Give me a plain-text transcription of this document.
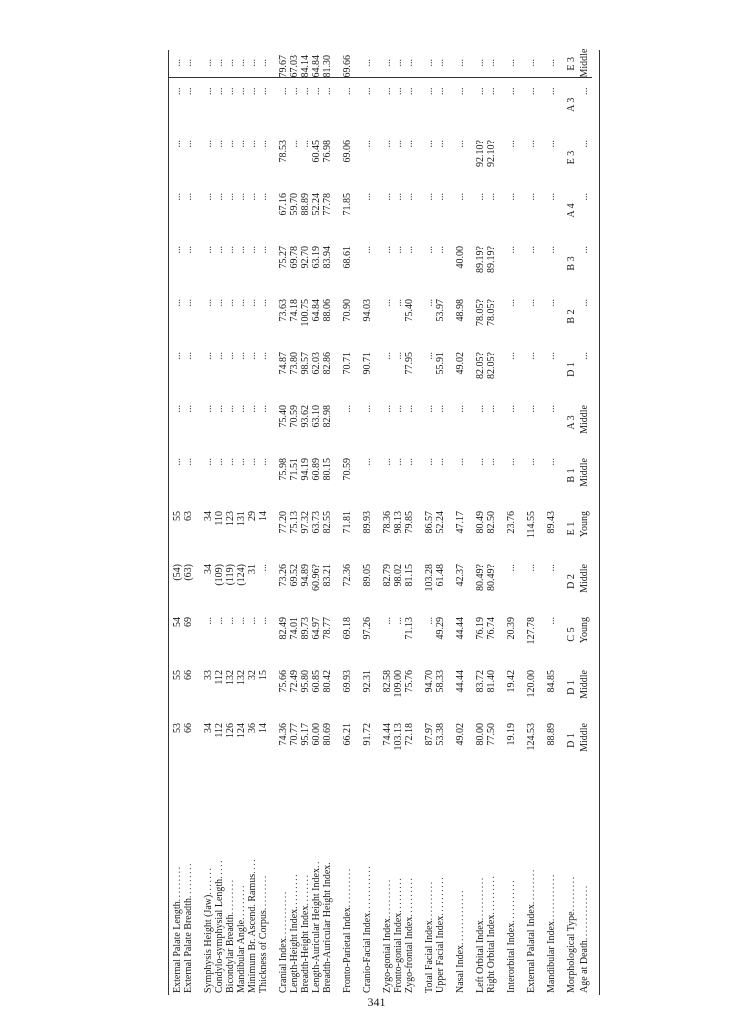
External Palate Length.........	53	55	54	(54)	55	...	...	...	...	...	...	...	...	...
External Palate Breadth.........	66	66	69	(63)	63	...	...	...	...	...	...	...	...	...
Symphysis Height (Jaw).......	34	33	...	34	34	...	...	...	...	...	...	...	...	...
Condylo-symphysial Length.....	112	112	...	(109)	110	...	...	...	...	...	...	...	...	...
Bicondylar Breadth.........	126	132	...	(119)	123	...	...	...	...	...	...	...	...	...
Mandibular Angle.........	124	132	...	(124)	131	...	...	...	...	...	...	...	...	...
Minimum Br. Ascend. Ramus....	36	32	...	31	29	...	...	...	...	...	...	...	...	...
Thickness of Corpus.........	14	15	...	...	14	...	...	...	...	...	...	...	...	...
Cranial Index............	74.36	75.66	82.49	73.26	77.20	75.98	75.40	74.87	73.63	75.27	67.16	78.53	...	79.67
Length-Height Index.........	70.77	72.49	74.01	69.52	75.13	71.51	70.59	73.80	74.18	69.78	59.70	...	...	67.03
Breadth-Height Index........	95.17	95.80	89.73	94.89	97.32	94.19	93.62	98.57	100.75	92.70	88.89	...	...	84.14
Length-Auricular Height Index..	60.00	60.85	64.97	60.96?	63.73	60.89	63.10	62.03	64.84	63.19	52.24	60.45	...	64.84
Breadth-Auricular Height Index.	80.69	80.42	78.77	83.21	82.55	80.15	82.98	82.86	88.06	83.94	77.78	76.98	...	81.30
Fronto-Parietal Index..........	66.21	69.93	69.18	72.36	71.81	70.59	...	70.71	70.90	68.61	71.85	69.06	...	69.66
Cranio-Facial Index............	91.72	92.31	97.26	89.05	89.93	...	...	90.71	94.03	...	...	...	...	...
Zygo-gonial Index..........	74.44	82.58	...	82.79	78.36	...	...	...	...	...	...	...	...	...
Fronto-gonial Index.........	103.13	109.00	...	98.02	98.13	...	...	...	...	...	...	...	...	...
Zygo-frontal Index..........	72.18	75.76	71.13	81.15	79.85	...	...	77.95	75.40	...	...	...	...	...
Total Facial Index..........	87.97	94.70	...	103.28	86.57	...	...	...	...	...	...	...	...	...
Upper Facial Index..........	53.38	58.33	49.29	61.48	52.24	...	...	55.91	53.97	...	...	...	...	...
Nasal Index..............	49.02	44.44	44.44	42.37	47.17	...	...	49.02	48.98	40.00	...	...	...	...
Left Orbital Index...........	80.00	83.72	76.19	80.49?	80.49	...	...	82.05?	78.05?	89.19?	...	92.10?	...	...
Right Orbital Index..........	77.50	81.40	76.74	80.49?	82.50	...	...	82.05?	78.05?	89.19?	...	92.10?	...	...
Interorbital Index...........	19.19	19.42	20.39	...	23.76	...	...	...	...	...	...	...	...	...
External Palatal Index.........	124.53	120.00	127.78	...	114.55	...	...	...	...	...	...	...	...	...
Mandibular Index............	88.89	84.85	...	...	89.43	...	...	...	...	...	...	...	...	...
Morphological Type.........	D 1	D 1	C 5	D 2	E 1	B 1	A 3	D 1	B 2	B 3	A 4	E 3	A 3	E 3
Age at Death..............	Middle	Middle	Young	Middle	Young	Middle	Middle	...	...	...	...	...	...	Middle
341
